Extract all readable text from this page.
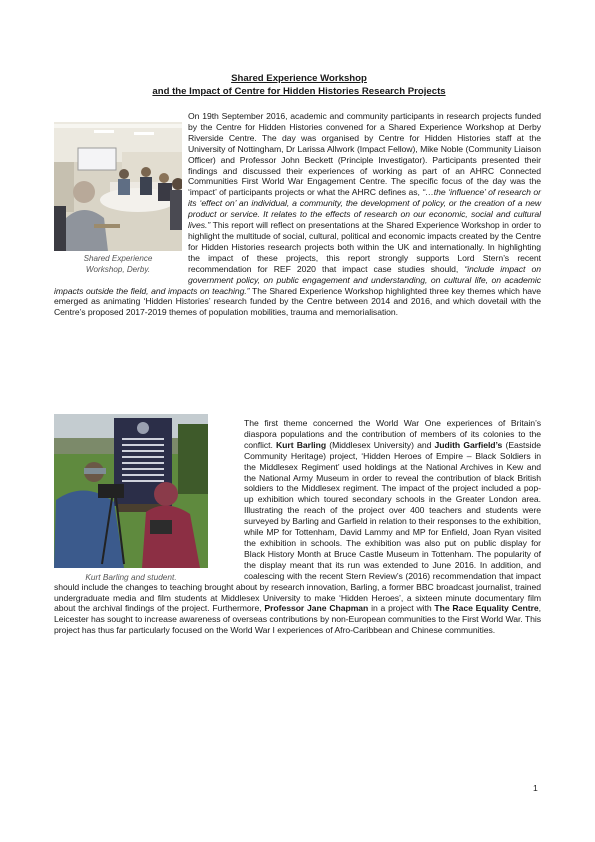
Shared Experience Workshop
and the Impact of Centre for Hidden Histories Research Projects
Shared Experience
Workshop, Derby.
On 19th September 2016, academic and community participants in research projects funded by the Centre for Hidden Histories convened for a Shared Experience Workshop at Derby Riverside Centre. The day was organised by Centre for Hidden Histories staff at the University of Nottingham, Dr Larissa Allwork (Impact Fellow), Mike Noble (Community Liaison Officer) and Professor John Beckett (Principle Investigator). Participants presented their findings and discussed their experiences of working as part of an AHRC Connected Communities First World War Engagement Centre. The specific focus of the day was the ‘impact’ of participants projects or what the AHRC defines as, “…the ‘influence’ of research or its ‘effect on’ an individual, a community, the development of policy, or the creation of a new product or service. It relates to the effects of research on our economic, social and cultural lives.” This report will reflect on presentations at the Shared Experience Workshop in order to highlight the multitude of social, cultural, political and economic impacts created by the Centre for Hidden Histories research projects both within the UK and internationally. In highlighting the impact of these projects, this report strongly supports Lord Stern’s recent recommendation for REF 2020 that impact case studies should, “include impact on government policy, on public engagement and understanding, on cultural life, on academic impacts outside the field, and impacts on teaching.” The Shared Experience Workshop highlighted three key themes which have emerged as animating ‘Hidden Histories’ research funded by the Centre between 2014 and 2016, and which dovetail with the Centre’s proposed 2017-2019 themes of population mobilities, trauma and memorialisation.
Kurt Barling and student.
The first theme concerned the World War One experiences of Britain’s diaspora populations and the contribution of members of its colonies to the conflict. Kurt Barling (Middlesex University) and Judith Garfield’s (Eastside Community Heritage) project, ‘Hidden Heroes of Empire – Black Soldiers in the Middlesex Regiment’ used holdings at the National Archives in Kew and the National Army Museum in order to reveal the contribution of black British soldiers to the Middlesex regiment. The impact of the project included a pop-up exhibition which toured secondary schools in the Greater London area. Illustrating the reach of the project over 400 teachers and students were surveyed by Barling and Garfield in relation to their responses to the exhibition, while MP for Tottenham, David Lammy and MP for Enfield, Joan Ryan visited the exhibition in schools. The exhibition was also put on public display for Black History Month at Bruce Castle Museum in Tottenham. The popularity of the display meant that its run was extended to June 2016. In addition, and coalescing with the recent Stern Review’s (2016) recommendation that impact should include the changes to teaching brought about by research innovation, Barling, a former BBC broadcast journalist, trained undergraduate media and film students at Middlesex University to make ‘Hidden Heroes’, a sixteen minute documentary film about the archival findings of the project. Furthermore, Professor Jane Chapman in a project with The Race Equality Centre, Leicester has sought to increase awareness of overseas contributions by non-European communities to the First World War. This project has thus far particularly focused on the World War I experiences of Afro-Caribbean and Chinese communities.
1
